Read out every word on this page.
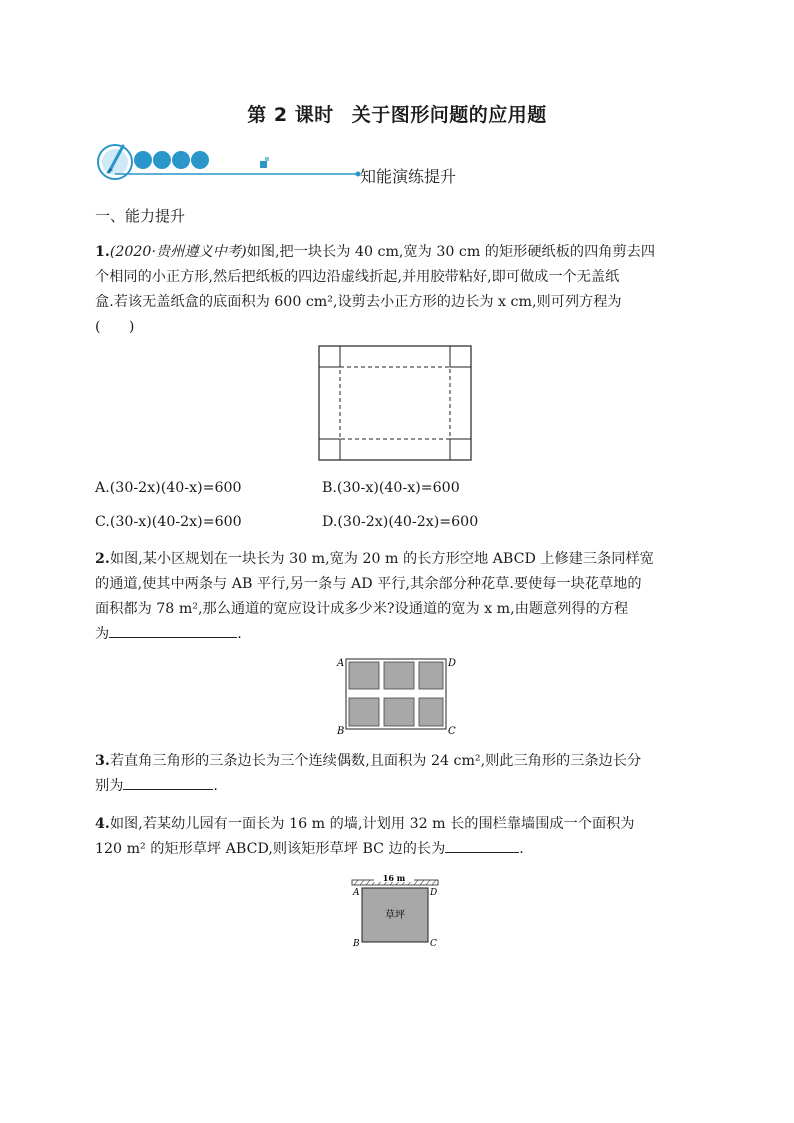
第 2 课时 关于图形问题的应用题
知能演练提升
一、能力提升
1.(2020·贵州遵义中考)如图,把一块长为 40 cm,宽为 30 cm 的矩形硬纸板的四角剪去四
个相同的小正方形,然后把纸板的四边沿虚线折起,并用胶带粘好,即可做成一个无盖纸
盒.若该无盖纸盒的底面积为 600 cm²,设剪去小正方形的边长为 x cm,则可列方程为
(　　)
A.(30-2x)(40-x)=600	B.(30-x)(40-x)=600
C.(30-x)(40-2x)=600	D.(30-2x)(40-2x)=600
2.如图,某小区规划在一块长为 30 m,宽为 20 m 的长方形空地 ABCD 上修建三条同样宽
的通道,使其中两条与 AB 平行,另一条与 AD 平行,其余部分种花草.要使每一块花草地的
面积都为 78 m²,那么通道的宽应设计成多少米?设通道的宽为 x m,由题意列得的方程
为	.
A	D
B	C
3.若直角三角形的三条边长为三个连续偶数,且面积为 24 cm²,则此三角形的三条边长分
别为	.
4.如图,若某幼儿园有一面长为 16 m 的墙,计划用 32 m 长的围栏靠墙围成一个面积为
120 m² 的矩形草坪 ABCD,则该矩形草坪 BC 边的长为	.
16 m
A	D
B	C
草坪
